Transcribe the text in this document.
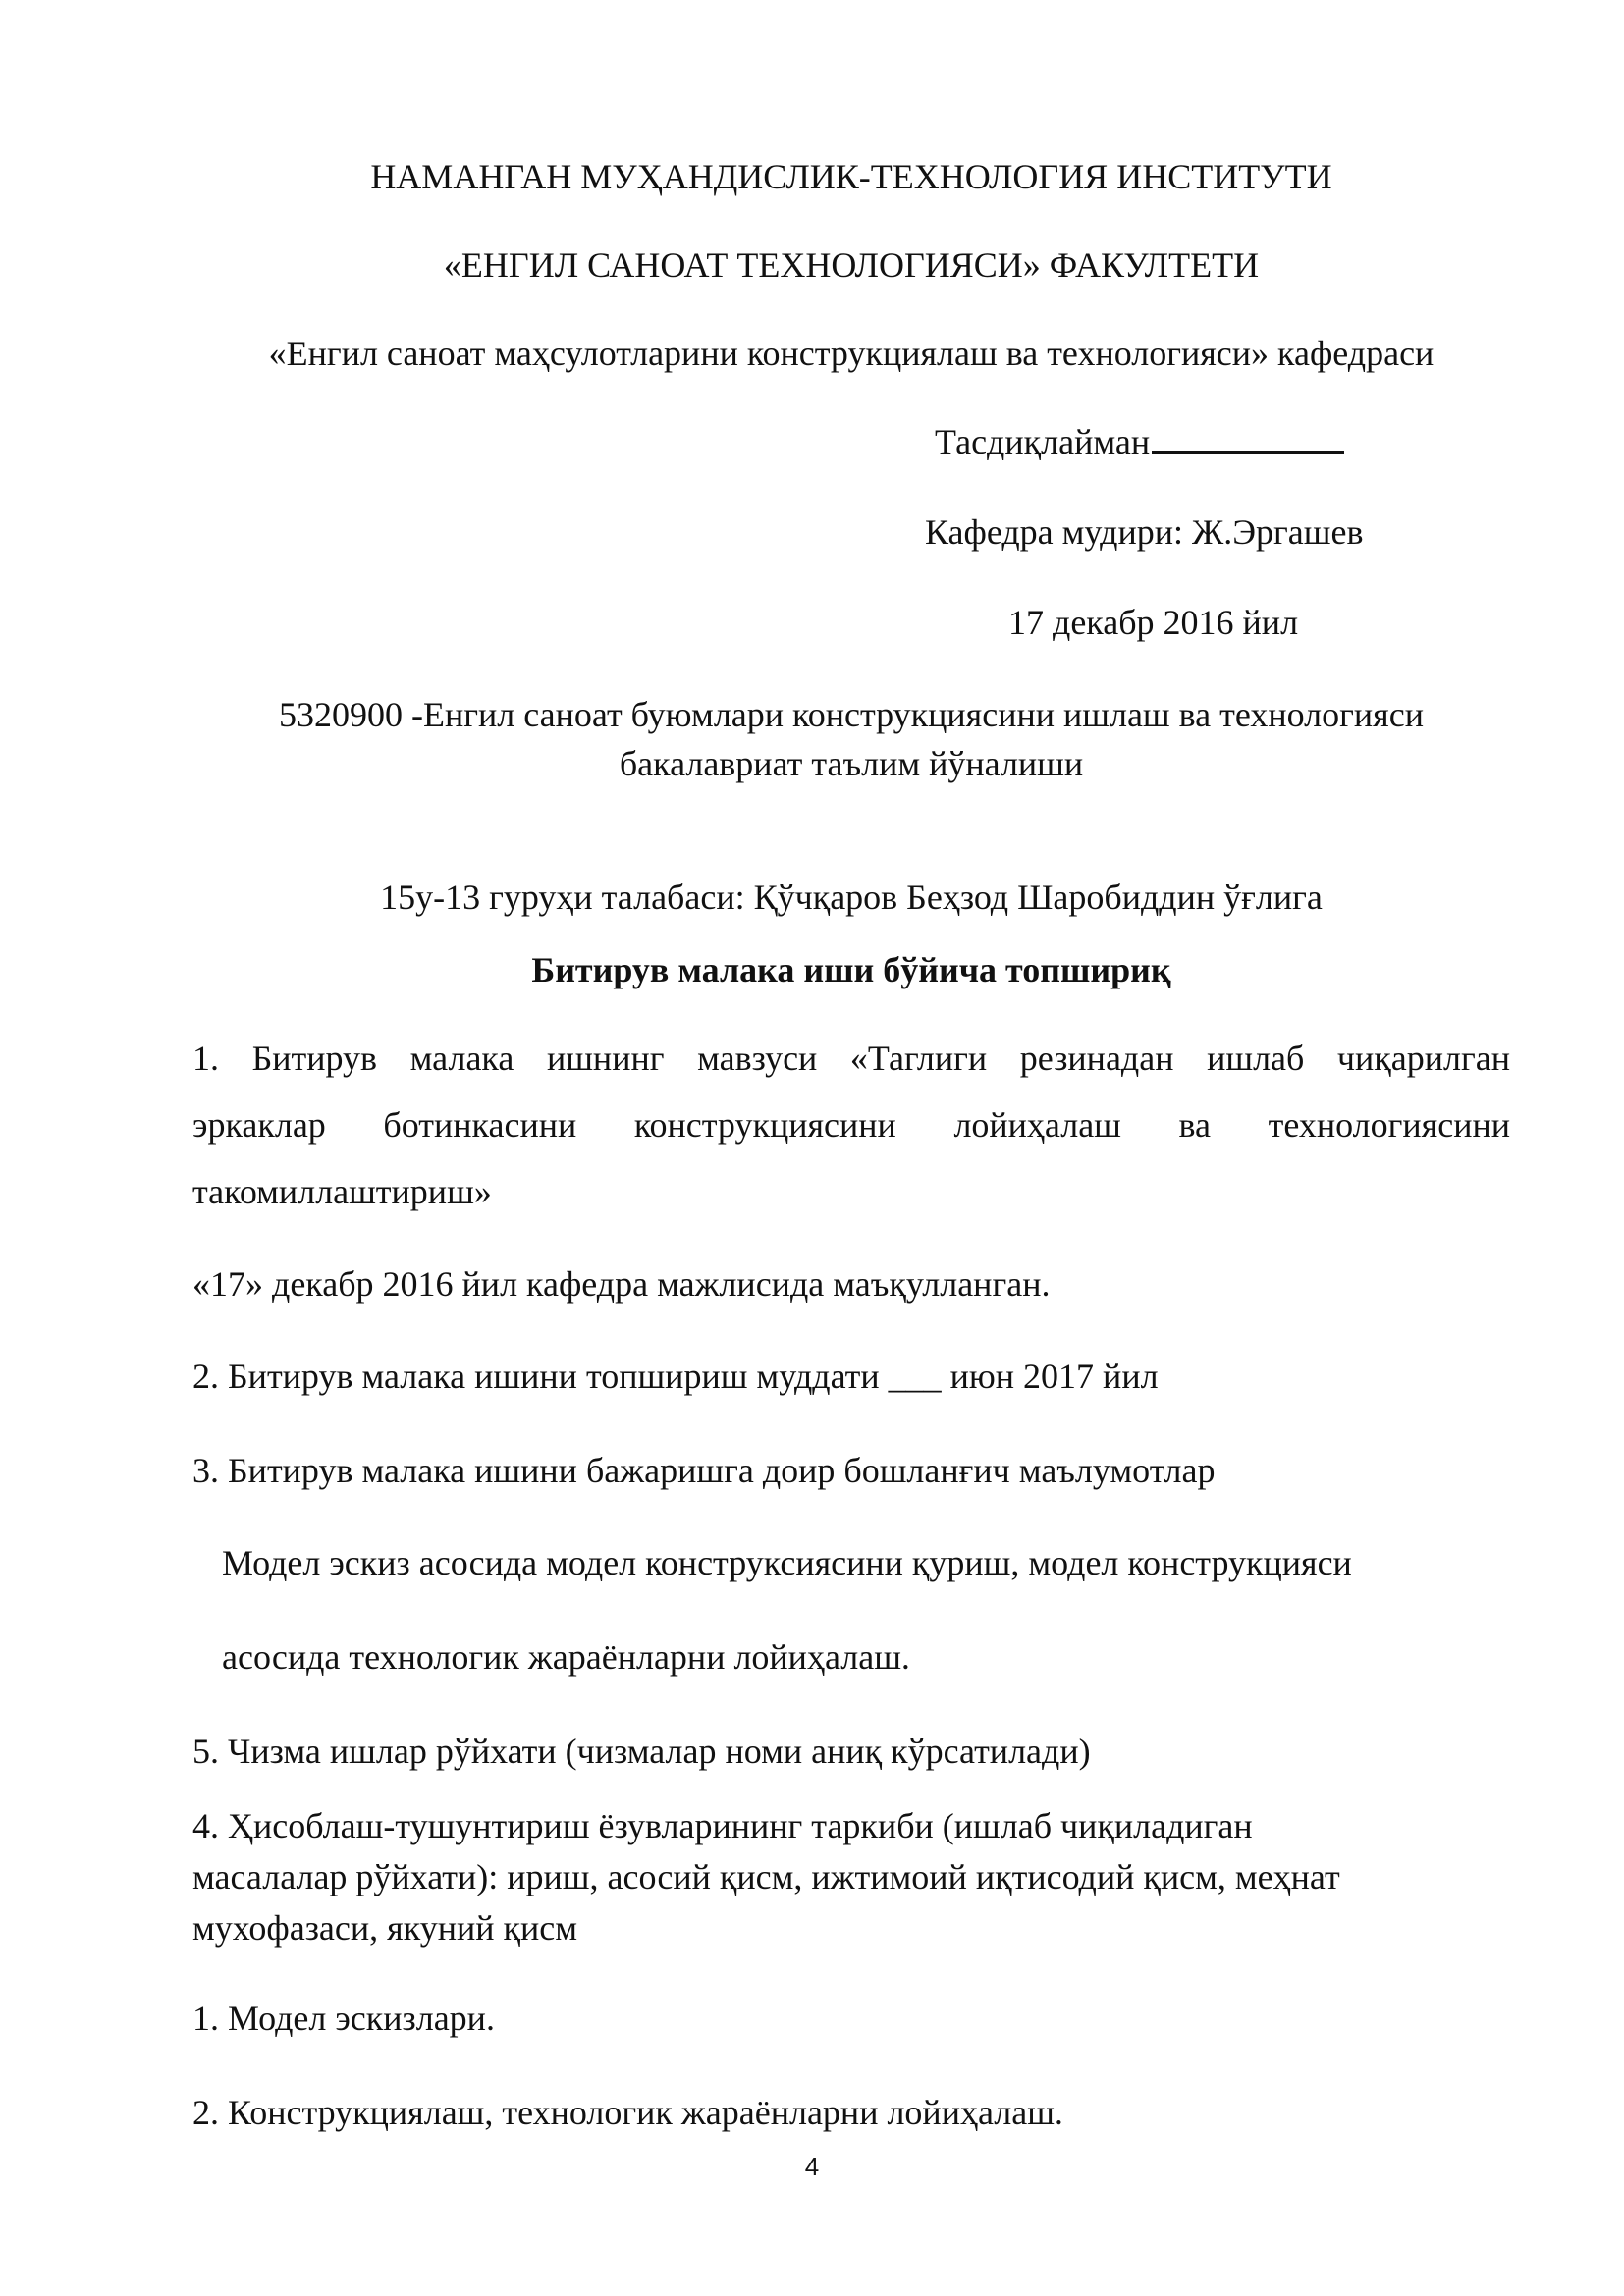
НАМАНГАН МУҲАНДИСЛИК-ТЕХНОЛОГИЯ ИНСТИТУТИ
«ЕНГИЛ САНОАТ ТЕХНОЛОГИЯСИ» ФАКУЛТЕТИ
«Енгил саноат маҳсулотларини конструкциялаш ва технологияси» кафедраси
Тасдиқлайман
Кафедра мудири: Ж.Эргашев
17 декабр 2016 йил
5320900 -Енгил саноат буюмлари конструкциясини ишлаш ва технологияси
бакалавриат таълим йўналиши
15у-13 гуруҳи талабаси: Қўчқаров Беҳзод Шаробиддин ўғлига
Битирув малака иши бўйича топшириқ
1. Битирув малака ишнинг мавзуси «Таглиги резинадан ишлаб чиқарилган
эркаклар ботинкасини конструкциясини лойиҳалаш ва технологиясини
такомиллаштириш»
«17» декабр 2016 йил кафедра мажлисида маъқулланган.
2. Битирув малака ишини топшириш муддати ___ июн 2017 йил
3. Битирув малака ишини бажаришга доир бошланғич маълумотлар
Модел эскиз асосида модел конструксиясини қуриш, модел конструкцияси
асосида технологик жараёнларни лойиҳалаш.
5. Чизма ишлар рўйхати (чизмалар номи аниқ кўрсатилади)
4. Ҳисоблаш-тушунтириш ёзувларининг таркиби (ишлаб чиқиладиган
масалалар рўйхати): ириш, асосий қисм, ижтимоий иқтисодий қисм, меҳнат
мухофазаси, якуний қисм
1. Модел эскизлари.
2. Конструкциялаш, технологик жараёнларни лойиҳалаш.
4
